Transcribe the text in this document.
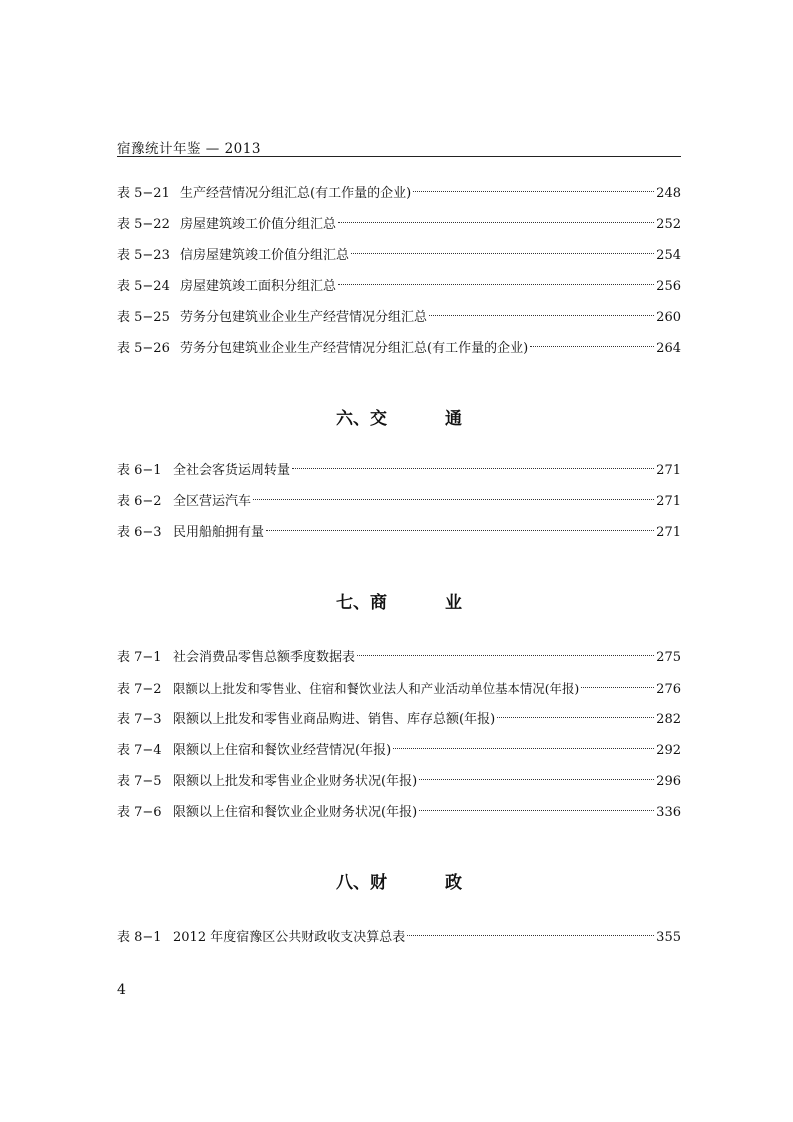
宿豫统计年鉴 — 2013
表 5−21 生产经营情况分组汇总(有工作量的企业)	248
表 5−22 房屋建筑竣工价值分组汇总	252
表 5−23 信房屋建筑竣工价值分组汇总	254
表 5−24 房屋建筑竣工面积分组汇总	256
表 5−25 劳务分包建筑业企业生产经营情况分组汇总	260
表 5−26 劳务分包建筑业企业生产经营情况分组汇总(有工作量的企业)	264
六、交	通
表 6−1 全社会客货运周转量	271
表 6−2 全区营运汽车	271
表 6−3 民用船舶拥有量	271
七、商	业
表 7−1 社会消费品零售总额季度数据表	275
表 7−2 限额以上批发和零售业、住宿和餐饮业法人和产业活动单位基本情况(年报)	276
表 7−3 限额以上批发和零售业商品购进、销售、库存总额(年报)	282
表 7−4 限额以上住宿和餐饮业经营情况(年报)	292
表 7−5 限额以上批发和零售业企业财务状况(年报)	296
表 7−6 限额以上住宿和餐饮业企业财务状况(年报)	336
八、财	政
表 8−1 2012 年度宿豫区公共财政收支决算总表	355
4
